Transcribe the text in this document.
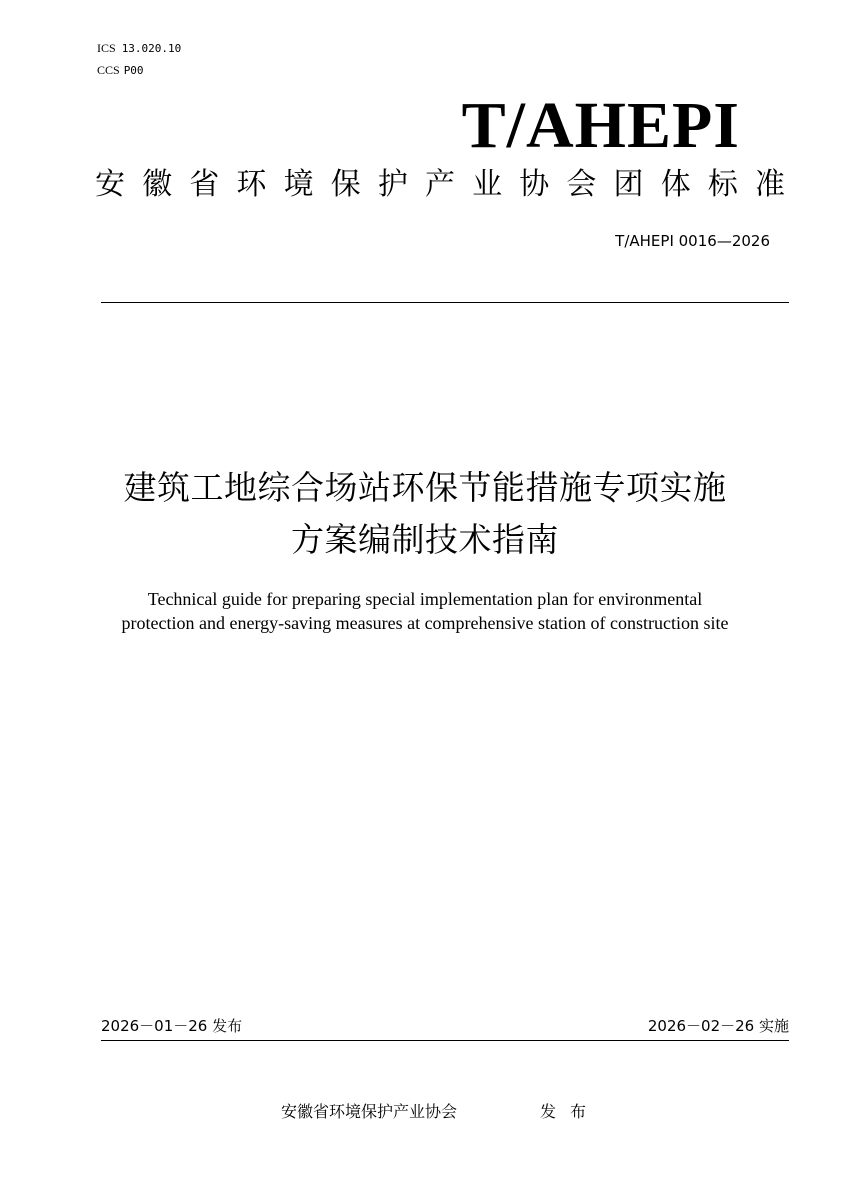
ICS 13.020.10
CCS P00
T/AHEPI
安 徽 省 环 境 保 护 产 业 协 会 团 体 标 准
T/AHEPI 0016—2026
建筑工地综合场站环保节能措施专项实施
方案编制技术指南
Technical guide for preparing special implementation plan for environmental
protection and energy-saving measures at comprehensive station of construction site
2026－01－26 发布	2026－02－26 实施
安徽省环境保护产业协会	发布
